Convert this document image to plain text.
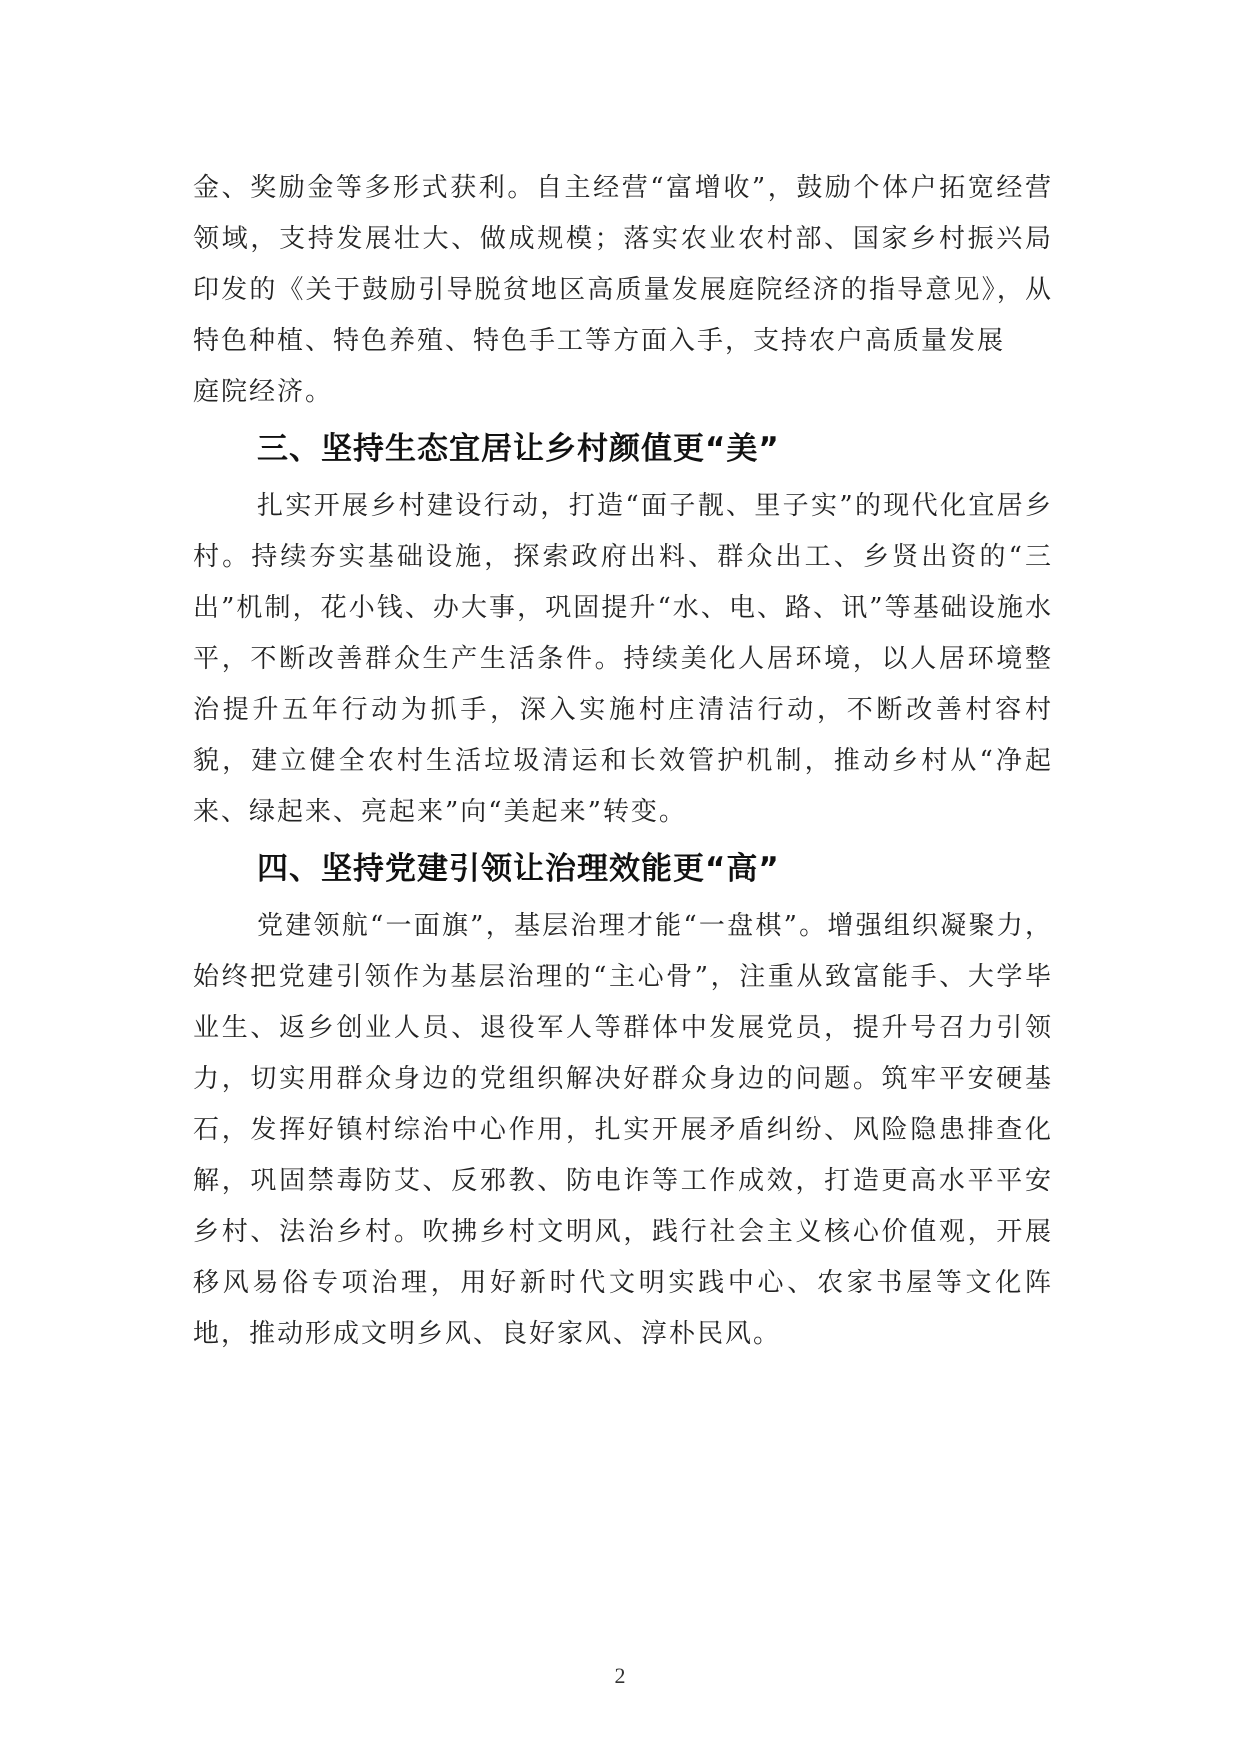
金、奖励金等多形式获利。自主经营“富增收”，鼓励个体户拓宽经营领域，支持发展壮大、做成规模；落实农业农村部、国家乡村振兴局印发的《关于鼓励引导脱贫地区高质量发展庭院经济的指导意见》，从特色种植、特色养殖、特色手工等方面入手，支持农户高质量发展

庭院经济。

三、坚持生态宜居让乡村颜值更“美”

扎实开展乡村建设行动，打造“面子靓、里子实”的现代化宜居乡村。持续夯实基础设施，探索政府出料、群众出工、乡贤出资的“三出”机制，花小钱、办大事，巩固提升“水、电、路、讯”等基础设施水平，不断改善群众生产生活条件。持续美化人居环境，以人居环境整治提升五年行动为抓手，深入实施村庄清洁行动，不断改善村容村貌，建立健全农村生活垃圾清运和长效管护机制，推动乡村从“净起来、绿起来、亮起来”向“美起来”转变。

四、坚持党建引领让治理效能更“高”

党建领航“一面旗”，基层治理才能“一盘棋”。增强组织凝聚力，始终把党建引领作为基层治理的“主心骨”，注重从致富能手、大学毕业生、返乡创业人员、退役军人等群体中发展党员，提升号召力引领力，切实用群众身边的党组织解决好群众身边的问题。筑牢平安硬基石，发挥好镇村综治中心作用，扎实开展矛盾纠纷、风险隐患排查化解，巩固禁毒防艾、反邪教、防电诈等工作成效，打造更高水平平安乡村、法治乡村。吹拂乡村文明风，践行社会主义核心价值观，开展移风易俗专项治理，用好新时代文明实践中心、农家书屋等文化阵地，推动形成文明乡风、良好家风、淳朴民风。

2
